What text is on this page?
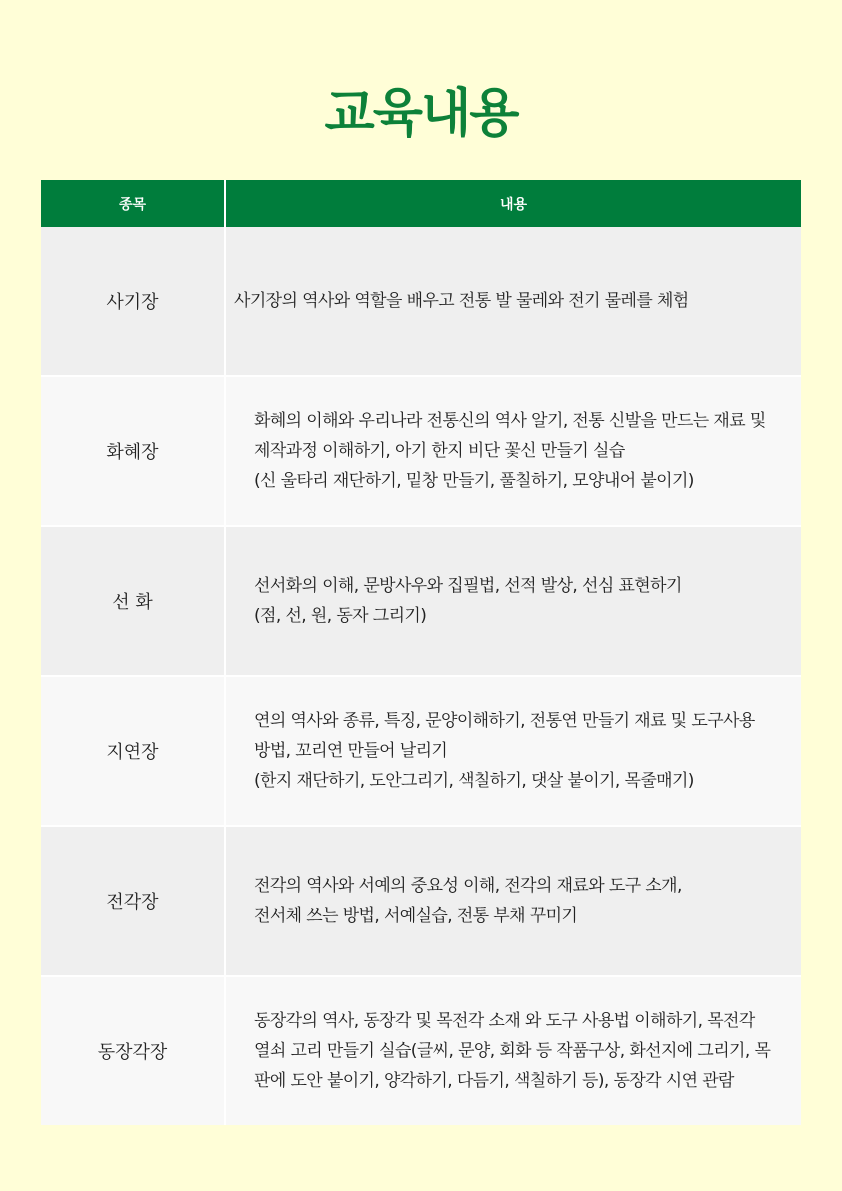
교육내용
종목	내용
사기장	사기장의 역사와 역할을 배우고 전통 발 물레와 전기 물레를 체험
화혜장
화혜의 이해와 우리나라 전통신의 역사 알기, 전통 신발을 만드는 재료 및
제작과정 이해하기, 아기 한지 비단 꽃신 만들기 실습
(신 울타리 재단하기, 밑창 만들기, 풀칠하기, 모양내어 붙이기)
선 화
선서화의 이해, 문방사우와 집필법, 선적 발상, 선심 표현하기
(점, 선, 원, 동자 그리기)
지연장
연의 역사와 종류, 특징, 문양이해하기, 전통연 만들기 재료 및 도구사용
방법, 꼬리연 만들어 날리기
(한지 재단하기, 도안그리기, 색칠하기, 댓살 붙이기, 목줄매기)
전각장
전각의 역사와 서예의 중요성 이해, 전각의 재료와 도구 소개,
전서체 쓰는 방법, 서예실습, 전통 부채 꾸미기
동장각장
동장각의 역사, 동장각 및 목전각 소재 와 도구 사용법 이해하기, 목전각
열쇠 고리 만들기 실습(글씨, 문양, 회화 등 작품구상, 화선지에 그리기, 목
판에 도안 붙이기, 양각하기, 다듬기, 색칠하기 등), 동장각 시연 관람
